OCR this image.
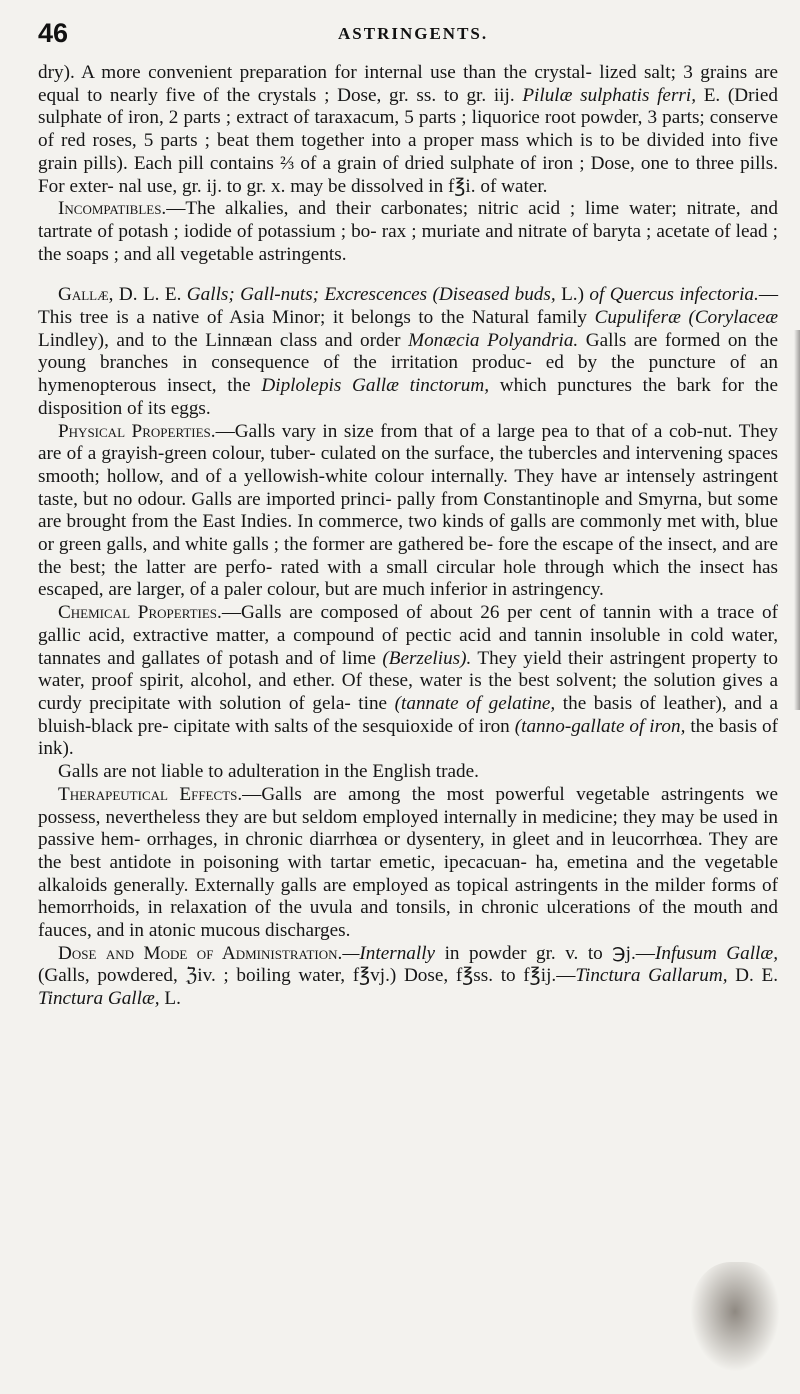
46	ASTRINGENTS.

dry). A more convenient preparation for internal use than the crystal- lized salt; 3 grains are equal to nearly five of the crystals ; Dose, gr. ss. to gr. iij. Pilulæ sulphatis ferri, E. (Dried sulphate of iron, 2 parts ; extract of taraxacum, 5 parts ; liquorice root powder, 3 parts; conserve of red roses, 5 parts ; beat them together into a proper mass which is to be divided into five grain pills). Each pill contains ⅔ of a grain of dried sulphate of iron ; Dose, one to three pills. For exter- nal use, gr. ij. to gr. x. may be dissolved in f℥i. of water.

Incompatibles.—The alkalies, and their carbonates; nitric acid ; lime water; nitrate, and tartrate of potash ; iodide of potassium ; bo- rax ; muriate and nitrate of baryta ; acetate of lead ; the soaps ; and all vegetable astringents.

Gallæ, D. L. E. Galls; Gall-nuts; Excrescences (Diseased buds, L.) of Quercus infectoria.—This tree is a native of Asia Minor; it belongs to the Natural family Cupuliferæ (Corylaceæ Lindley), and to the Linnæan class and order Monæcia Polyandria. Galls are formed on the young branches in consequence of the irritation produc- ed by the puncture of an hymenopterous insect, the Diplolepis Gallæ tinctorum, which punctures the bark for the disposition of its eggs.

Physical Properties.—Galls vary in size from that of a large pea to that of a cob-nut. They are of a grayish-green colour, tuber- culated on the surface, the tubercles and intervening spaces smooth; hollow, and of a yellowish-white colour internally. They have ar intensely astringent taste, but no odour. Galls are imported princi- pally from Constantinople and Smyrna, but some are brought from the East Indies. In commerce, two kinds of galls are commonly met with, blue or green galls, and white galls ; the former are gathered be- fore the escape of the insect, and are the best; the latter are perfo- rated with a small circular hole through which the insect has escaped, are larger, of a paler colour, but are much inferior in astringency.

Chemical Properties.—Galls are composed of about 26 per cent of tannin with a trace of gallic acid, extractive matter, a compound of pectic acid and tannin insoluble in cold water, tannates and gallates of potash and of lime (Berzelius). They yield their astringent property to water, proof spirit, alcohol, and ether. Of these, water is the best solvent; the solution gives a curdy precipitate with solution of gela- tine (tannate of gelatine, the basis of leather), and a bluish-black pre- cipitate with salts of the sesquioxide of iron (tanno-gallate of iron, the basis of ink).

Galls are not liable to adulteration in the English trade.

Therapeutical Effects.—Galls are among the most powerful vegetable astringents we possess, nevertheless they are but seldom employed internally in medicine; they may be used in passive hem- orrhages, in chronic diarrhœa or dysentery, in gleet and in leucorrhœa. They are the best antidote in poisoning with tartar emetic, ipecacuan- ha, emetina and the vegetable alkaloids generally. Externally galls are employed as topical astringents in the milder forms of hemorrhoids, in relaxation of the uvula and tonsils, in chronic ulcerations of the mouth and fauces, and in atonic mucous discharges.

Dose and Mode of Administration.—Internally in powder gr. v. to ℈j.—Infusum Gallæ, (Galls, powdered, ℨiv. ; boiling water, f℥vj.) Dose, f℥ss. to f℥ij.—Tinctura Gallarum, D. E. Tinctura Gallæ, L.
